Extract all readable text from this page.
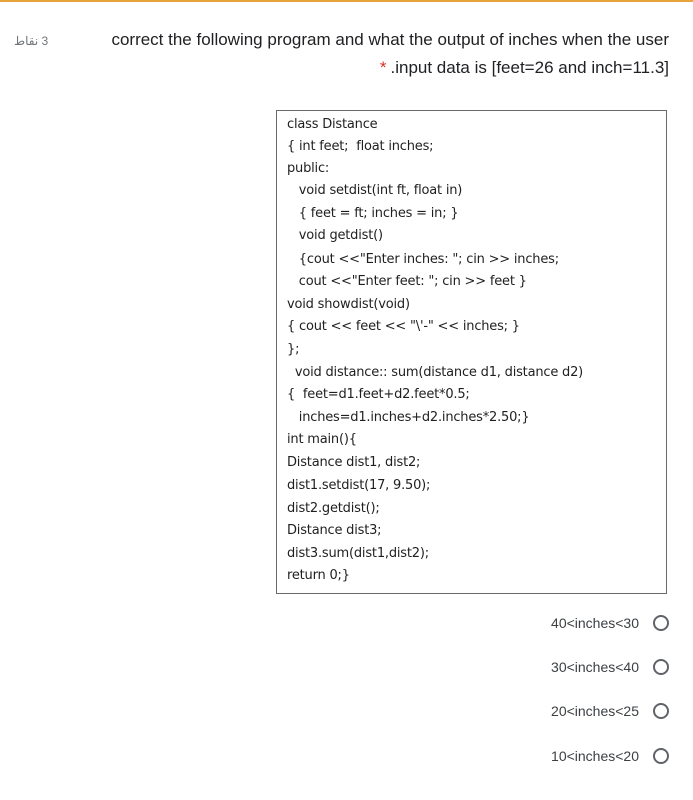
3 نقاط	correct the following program and what the output of inches when the user
* .input data is [feet=26 and inch=11.3]
class Distance
{ int feet;  float inches;
public:
void setdist(int ft, float in)
{ feet = ft; inches = in; }
void getdist()
{cout <<"Enter inches: "; cin >> inches;
cout <<"Enter feet: "; cin >> feet }
void showdist(void)
{ cout << feet << "\'-" << inches; }
};
void distance:: sum(distance d1, distance d2)
{  feet=d1.feet+d2.feet*0.5;
inches=d1.inches+d2.inches*2.50;}
int main(){
Distance dist1, dist2;
dist1.setdist(17, 9.50);
dist2.getdist();
Distance dist3;
dist3.sum(dist1,dist2);
return 0;}
40<inches<30
30<inches<40
20<inches<25
10<inches<20
